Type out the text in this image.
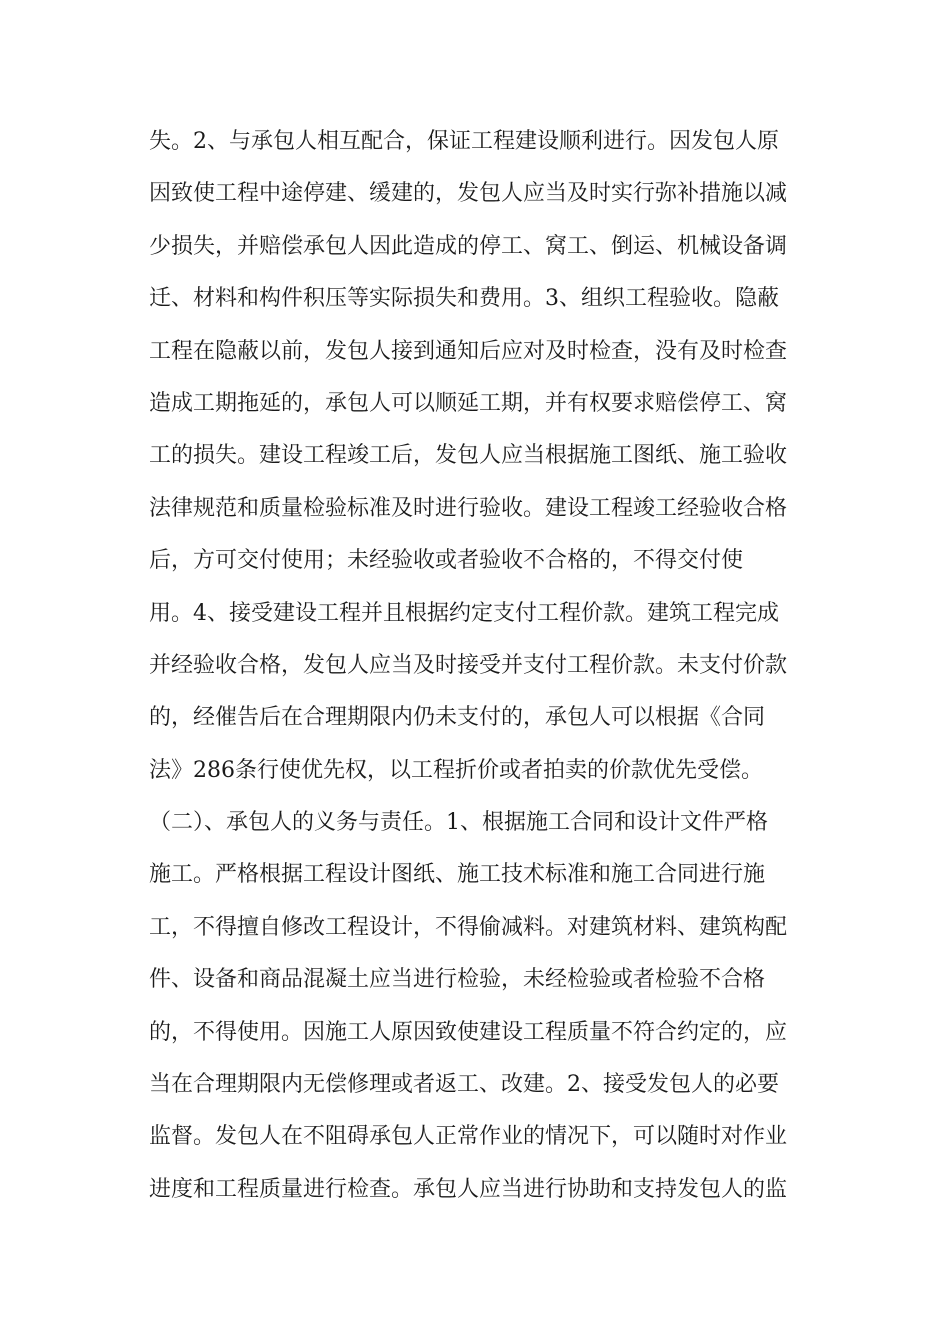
失。2、与承包人相互配合，保证工程建设顺利进行。因发包人原
因致使工程中途停建、缓建的，发包人应当及时实行弥补措施以减
少损失，并赔偿承包人因此造成的停工、窝工、倒运、机械设备调
迁、材料和构件积压等实际损失和费用。3、组织工程验收。隐蔽
工程在隐蔽以前，发包人接到通知后应对及时检查，没有及时检查
造成工期拖延的，承包人可以顺延工期，并有权要求赔偿停工、窝
工的损失。建设工程竣工后，发包人应当根据施工图纸、施工验收
法律规范和质量检验标准及时进行验收。建设工程竣工经验收合格
后，方可交付使用；未经验收或者验收不合格的，不得交付使
用。4、接受建设工程并且根据约定支付工程价款。建筑工程完成
并经验收合格，发包人应当及时接受并支付工程价款。未支付价款
的，经催告后在合理期限内仍未支付的，承包人可以根据《合同
法》286条行使优先权，以工程折价或者拍卖的价款优先受偿。
（二）、承包人的义务与责任。1、根据施工合同和设计文件严格
施工。严格根据工程设计图纸、施工技术标准和施工合同进行施
工，不得擅自修改工程设计，不得偷减料。对建筑材料、建筑构配
件、设备和商品混凝土应当进行检验，未经检验或者检验不合格
的，不得使用。因施工人原因致使建设工程质量不符合约定的，应
当在合理期限内无偿修理或者返工、改建。2、接受发包人的必要
监督。发包人在不阻碍承包人正常作业的情况下，可以随时对作业
进度和工程质量进行检查。承包人应当进行协助和支持发包人的监
